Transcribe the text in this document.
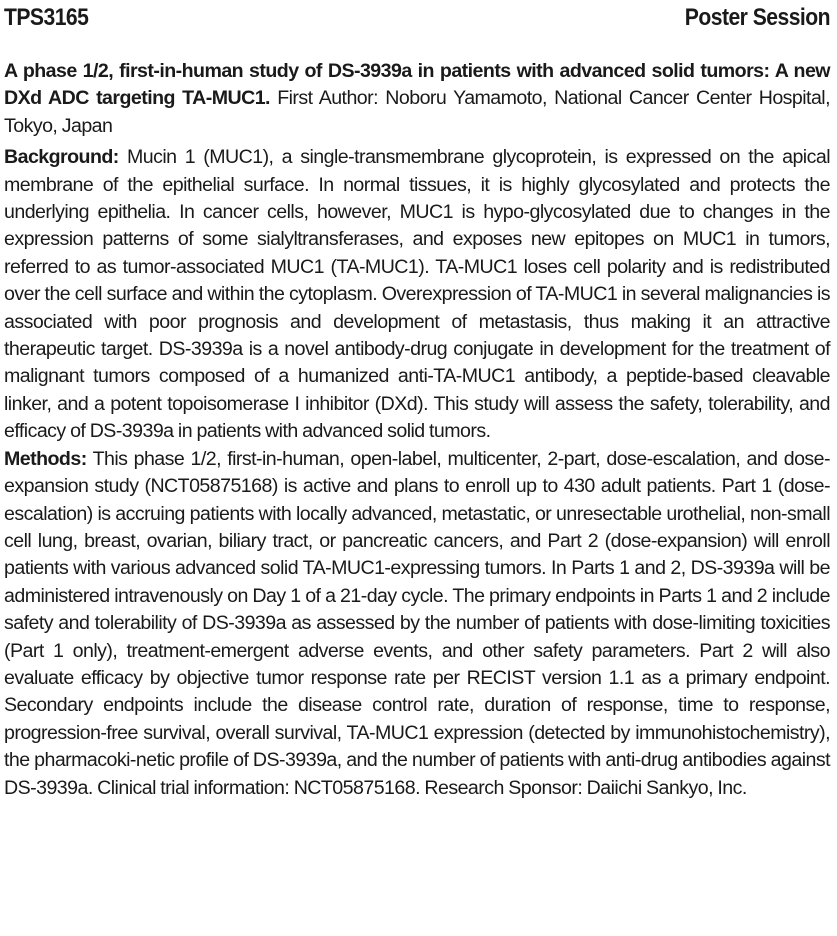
TPS3165	Poster Session
A phase 1/2, first-in-human study of DS-3939a in patients with advanced solid tumors: A new DXd ADC targeting TA-MUC1. First Author: Noboru Yamamoto, National Cancer Center Hospital, Tokyo, Japan
Background: Mucin 1 (MUC1), a single-transmembrane glycoprotein, is expressed on the apical membrane of the epithelial surface. In normal tissues, it is highly glycosylated and protects the underlying epithelia. In cancer cells, however, MUC1 is hypo-glycosylated due to changes in the expression patterns of some sialyltransferases, and exposes new epitopes on MUC1 in tumors, referred to as tumor-associated MUC1 (TA-MUC1). TA-MUC1 loses cell polarity and is redistributed over the cell surface and within the cytoplasm. Overexpression of TA-MUC1 in several malignancies is associated with poor prognosis and development of metastasis, thus making it an attractive therapeutic target. DS-3939a is a novel antibody-drug conjugate in development for the treatment of malignant tumors composed of a humanized anti-TA-MUC1 antibody, a peptide-based cleavable linker, and a potent topoisomerase I inhibitor (DXd). This study will assess the safety, tolerability, and efficacy of DS-3939a in patients with advanced solid tumors.
Methods: This phase 1/2, first-in-human, open-label, multicenter, 2-part, dose-escalation, and dose-expansion study (NCT05875168) is active and plans to enroll up to 430 adult patients. Part 1 (dose-escalation) is accruing patients with locally advanced, metastatic, or unresectable urothelial, non-small cell lung, breast, ovarian, biliary tract, or pancreatic cancers, and Part 2 (dose-expansion) will enroll patients with various advanced solid TA-MUC1-expressing tumors. In Parts 1 and 2, DS-3939a will be administered intravenously on Day 1 of a 21-day cycle. The primary endpoints in Parts 1 and 2 include safety and tolerability of DS-3939a as assessed by the number of patients with dose-limiting toxicities (Part 1 only), treatment-emergent adverse events, and other safety parameters. Part 2 will also evaluate efficacy by objective tumor response rate per RECIST version 1.1 as a primary endpoint. Secondary endpoints include the disease control rate, duration of response, time to response, progression-free survival, overall survival, TA-MUC1 expression (detected by immunohistochemistry), the pharmacoki-netic profile of DS-3939a, and the number of patients with anti-drug antibodies against DS-3939a. Clinical trial information: NCT05875168. Research Sponsor: Daiichi Sankyo, Inc.
